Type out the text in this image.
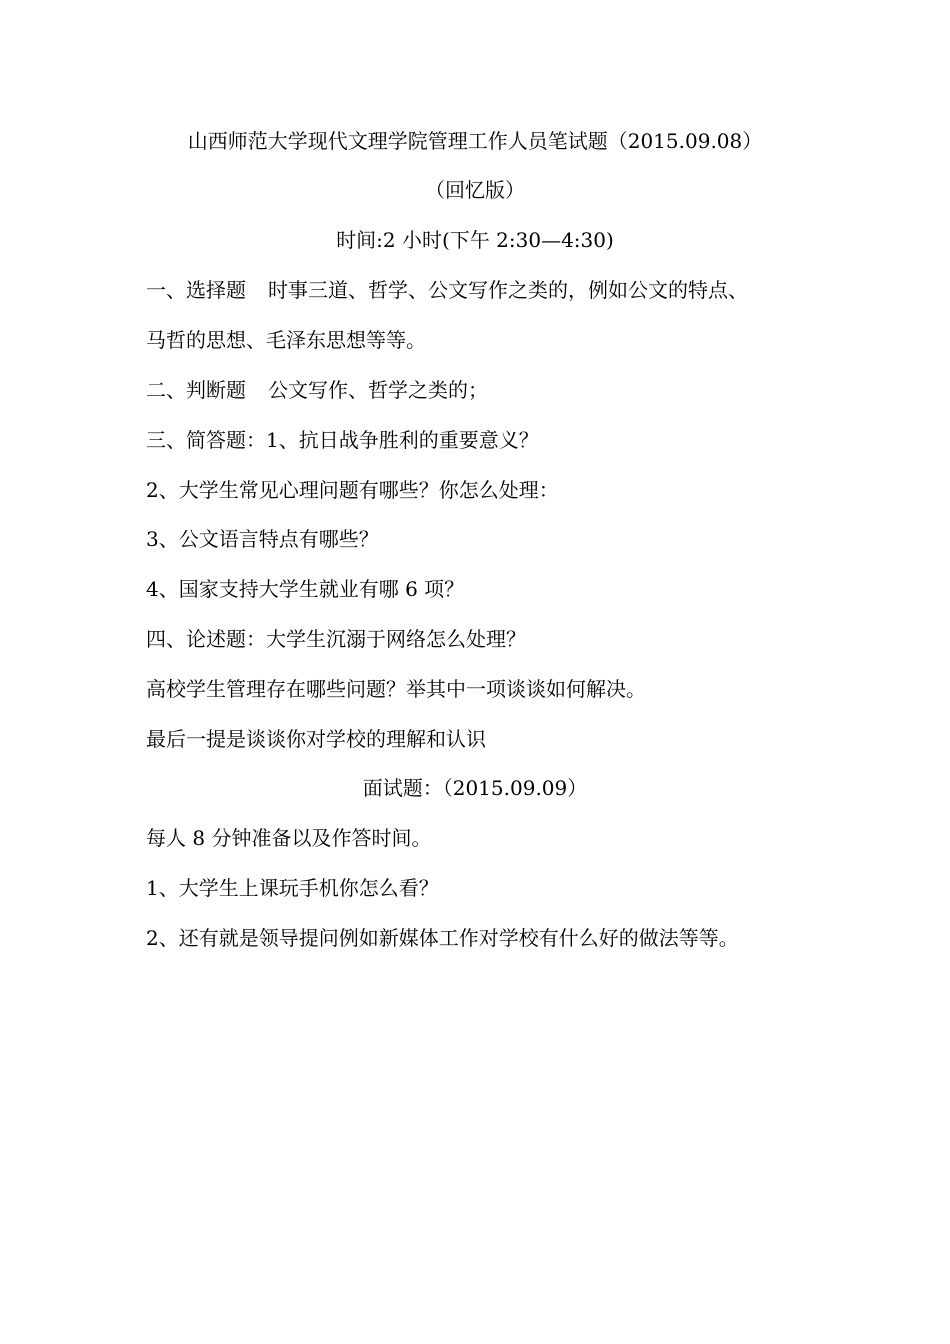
山西师范大学现代文理学院管理工作人员笔试题（2015.09.08）
（回忆版）
时间:2 小时(下午 2:30—4:30)
一、选择题 时事三道、哲学、公文写作之类的，例如公文的特点、
马哲的思想、毛泽东思想等等。
二、判断题 公文写作、哲学之类的；
三、简答题：1、抗日战争胜利的重要意义？
2、大学生常见心理问题有哪些？你怎么处理：
3、公文语言特点有哪些？
4、国家支持大学生就业有哪 6 项？
四、论述题：大学生沉溺于网络怎么处理？
高校学生管理存在哪些问题？举其中一项谈谈如何解决。
最后一提是谈谈你对学校的理解和认识
面试题：（2015.09.09）
每人 8 分钟准备以及作答时间。
1、大学生上课玩手机你怎么看？
2、还有就是领导提问例如新媒体工作对学校有什么好的做法等等。
